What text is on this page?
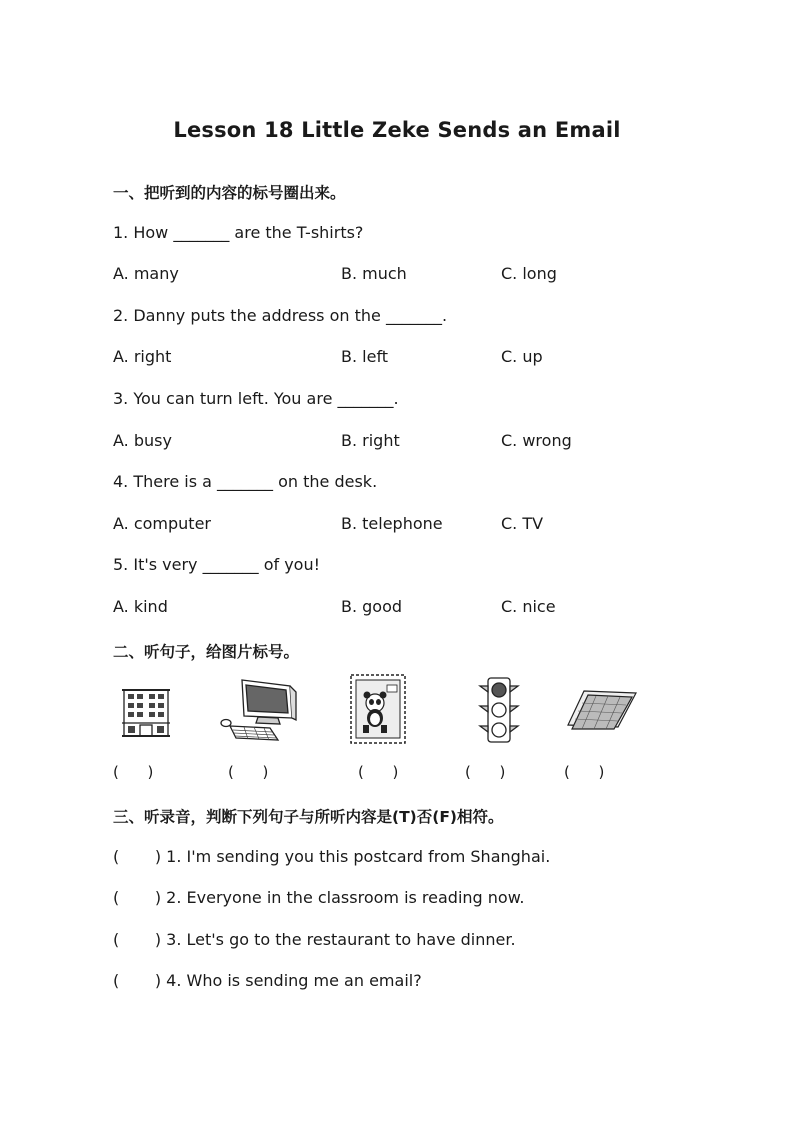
Lesson 18 Little Zeke Sends an Email
一、把听到的内容的标号圈出来。
1. How _______ are the T-shirts?
A. many	B. much	C. long
2. Danny puts the address on the _______.
A. right	B. left	C. up
3. You can turn left. You are _______.
A. busy	B. right	C. wrong
4. There is a _______ on the desk.
A. computer	B. telephone	C. TV
5. It's very _______ of you!
A. kind	B. good	C. nice
二、听句子，给图片标号。
(      )	(      )	(      )	(      )	(      )
三、听录音，判断下列句子与所听内容是(T)否(F)相符。
(       ) 1. I'm sending you this postcard from Shanghai.
(       ) 2. Everyone in the classroom is reading now.
(       ) 3. Let's go to the restaurant to have dinner.
(       ) 4. Who is sending me an email?
